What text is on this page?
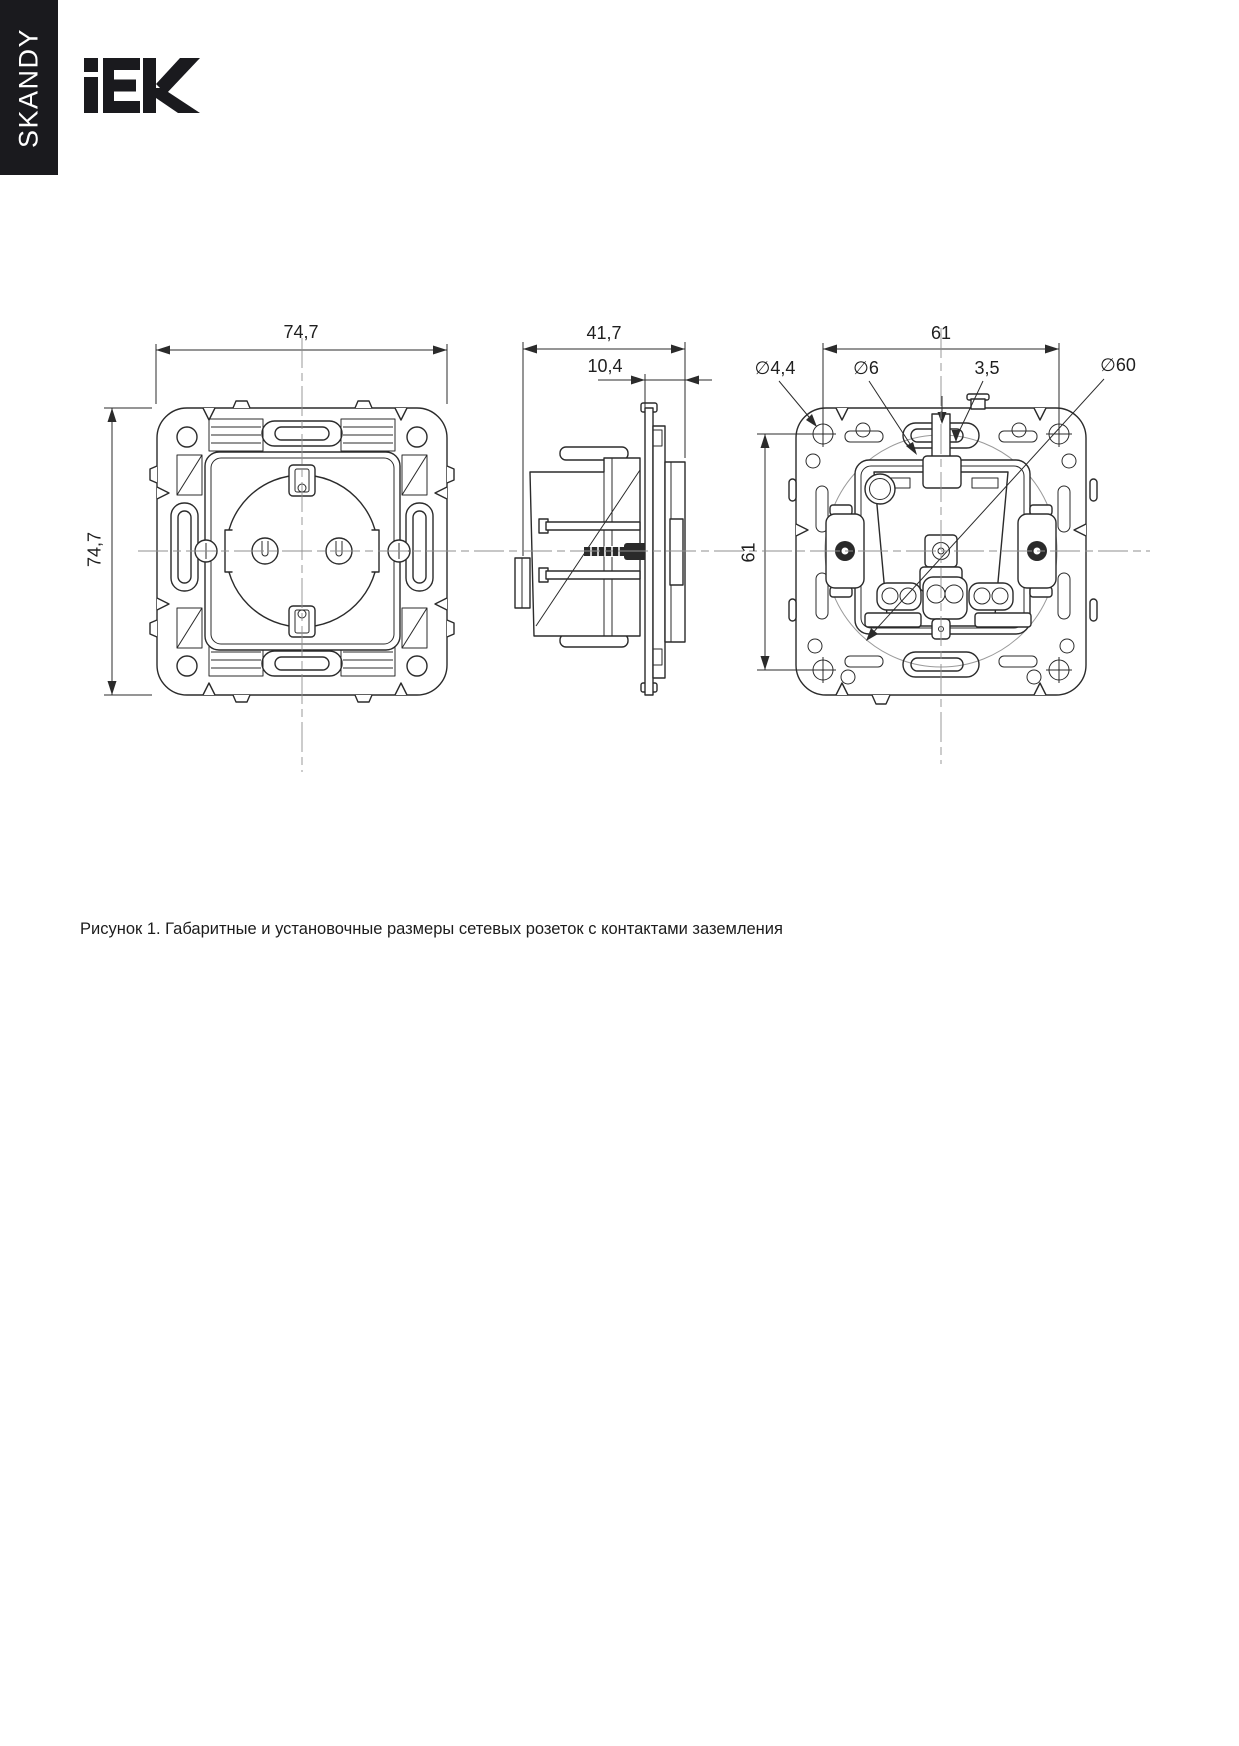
SKANDY
74,7
74,7
41,7
10,4
61
61
∅4,4	∅6	3,5	∅60
Рисунок 1. Габаритные и установочные размеры сетевых розеток с контактами заземления
